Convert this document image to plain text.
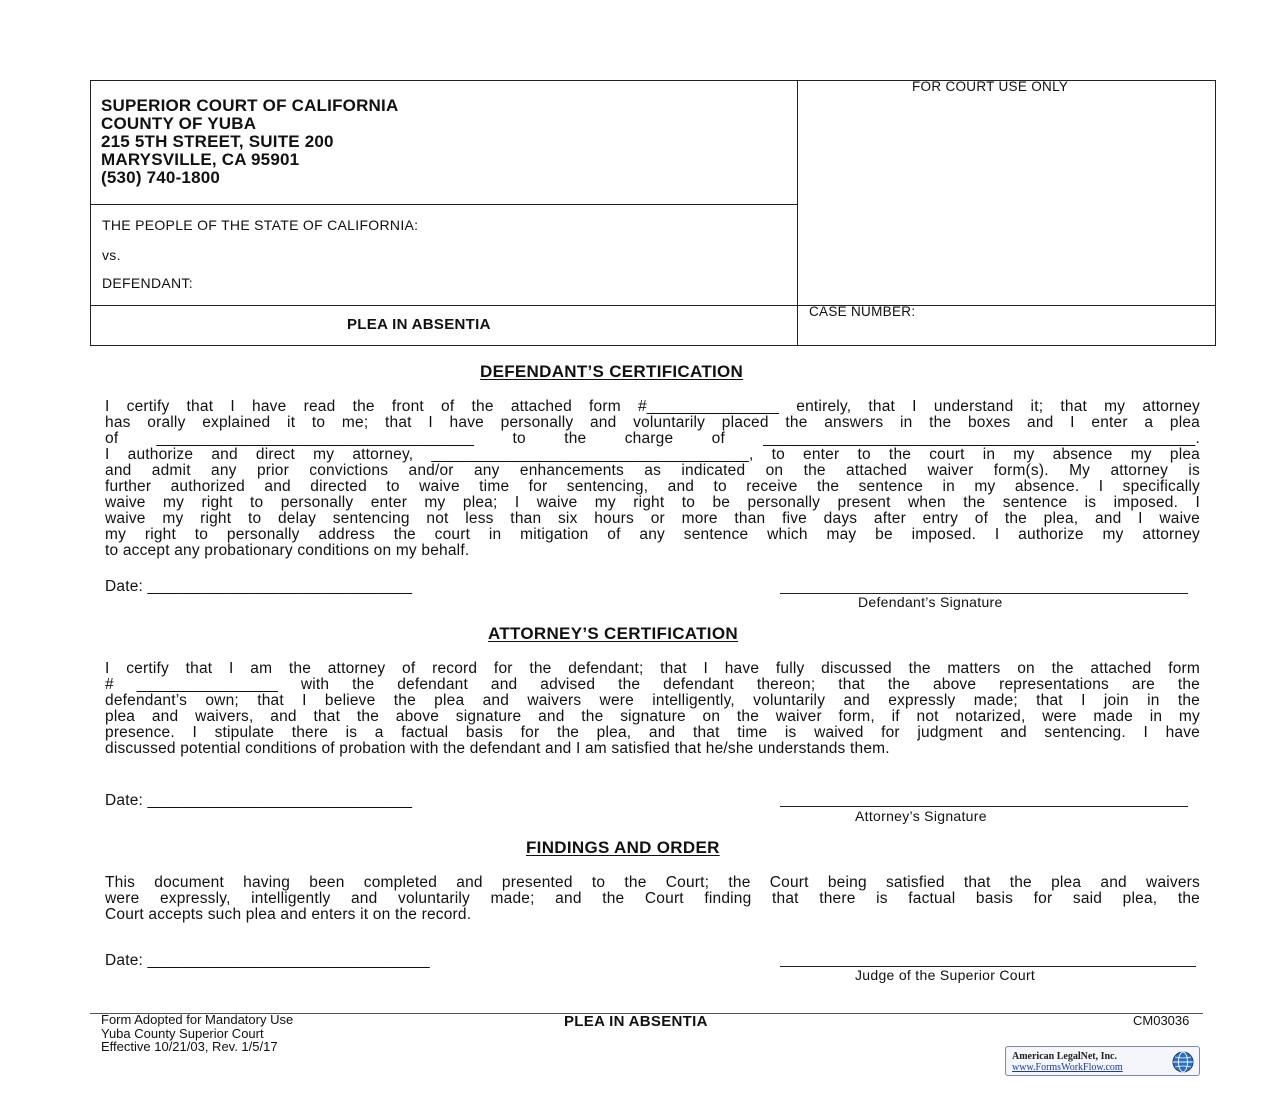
SUPERIOR COURT OF CALIFORNIA
COUNTY OF YUBA
215 5TH STREET, SUITE 200
MARYSVILLE, CA 95901
(530) 740-1800
FOR COURT USE ONLY
THE PEOPLE OF THE STATE OF CALIFORNIA:
vs.
DEFENDANT:
PLEA IN ABSENTIA
CASE NUMBER:
DEFENDANT’S CERTIFICATION
I certify that I have read the front of the attached form #_______________ entirely, that I understand it; that my attorney
has orally explained it to me; that I have personally and voluntarily placed the answers in the boxes and I enter a plea
of ____________________________________ to the charge of _________________________________________________.
I authorize and direct my attorney, ____________________________________, to enter to the court in my absence my plea
and admit any prior convictions and/or any enhancements as indicated on the attached waiver form(s). My attorney is
further authorized and directed to waive time for sentencing, and to receive the sentence in my absence. I specifically
waive my right to personally enter my plea; I waive my right to be personally present when the sentence is imposed. I
waive my right to delay sentencing not less than six hours or more than five days after entry of the plea, and I waive
my right to personally address the court in mitigation of any sentence which may be imposed. I authorize my attorney
to accept any probationary conditions on my behalf.
Date: ______________________________
Defendant’s Signature
ATTORNEY’S CERTIFICATION
I certify that I am the attorney of record for the defendant; that I have fully discussed the matters on the attached form
# ________________ with the defendant and advised the defendant thereon; that the above representations are the
defendant’s own; that I believe the plea and waivers were intelligently, voluntarily and expressly made; that I join in the
plea and waivers, and that the above signature and the signature on the waiver form, if not notarized, were made in my
presence. I stipulate there is a factual basis for the plea, and that time is waived for judgment and sentencing. I have
discussed potential conditions of probation with the defendant and I am satisfied that he/she understands them.
Date: ______________________________
Attorney’s Signature
FINDINGS AND ORDER
This document having been completed and presented to the Court; the Court being satisfied that the plea and waivers
were expressly, intelligently and voluntarily made; and the Court finding that there is factual basis for said plea, the
Court accepts such plea and enters it on the record.
Date: ________________________________
Judge of the Superior Court
Form Adopted for Mandatory Use
Yuba County Superior Court
Effective 10/21/03, Rev. 1/5/17
PLEA IN ABSENTIA	CM03036
American LegalNet, Inc.
www.FormsWorkFlow.com
